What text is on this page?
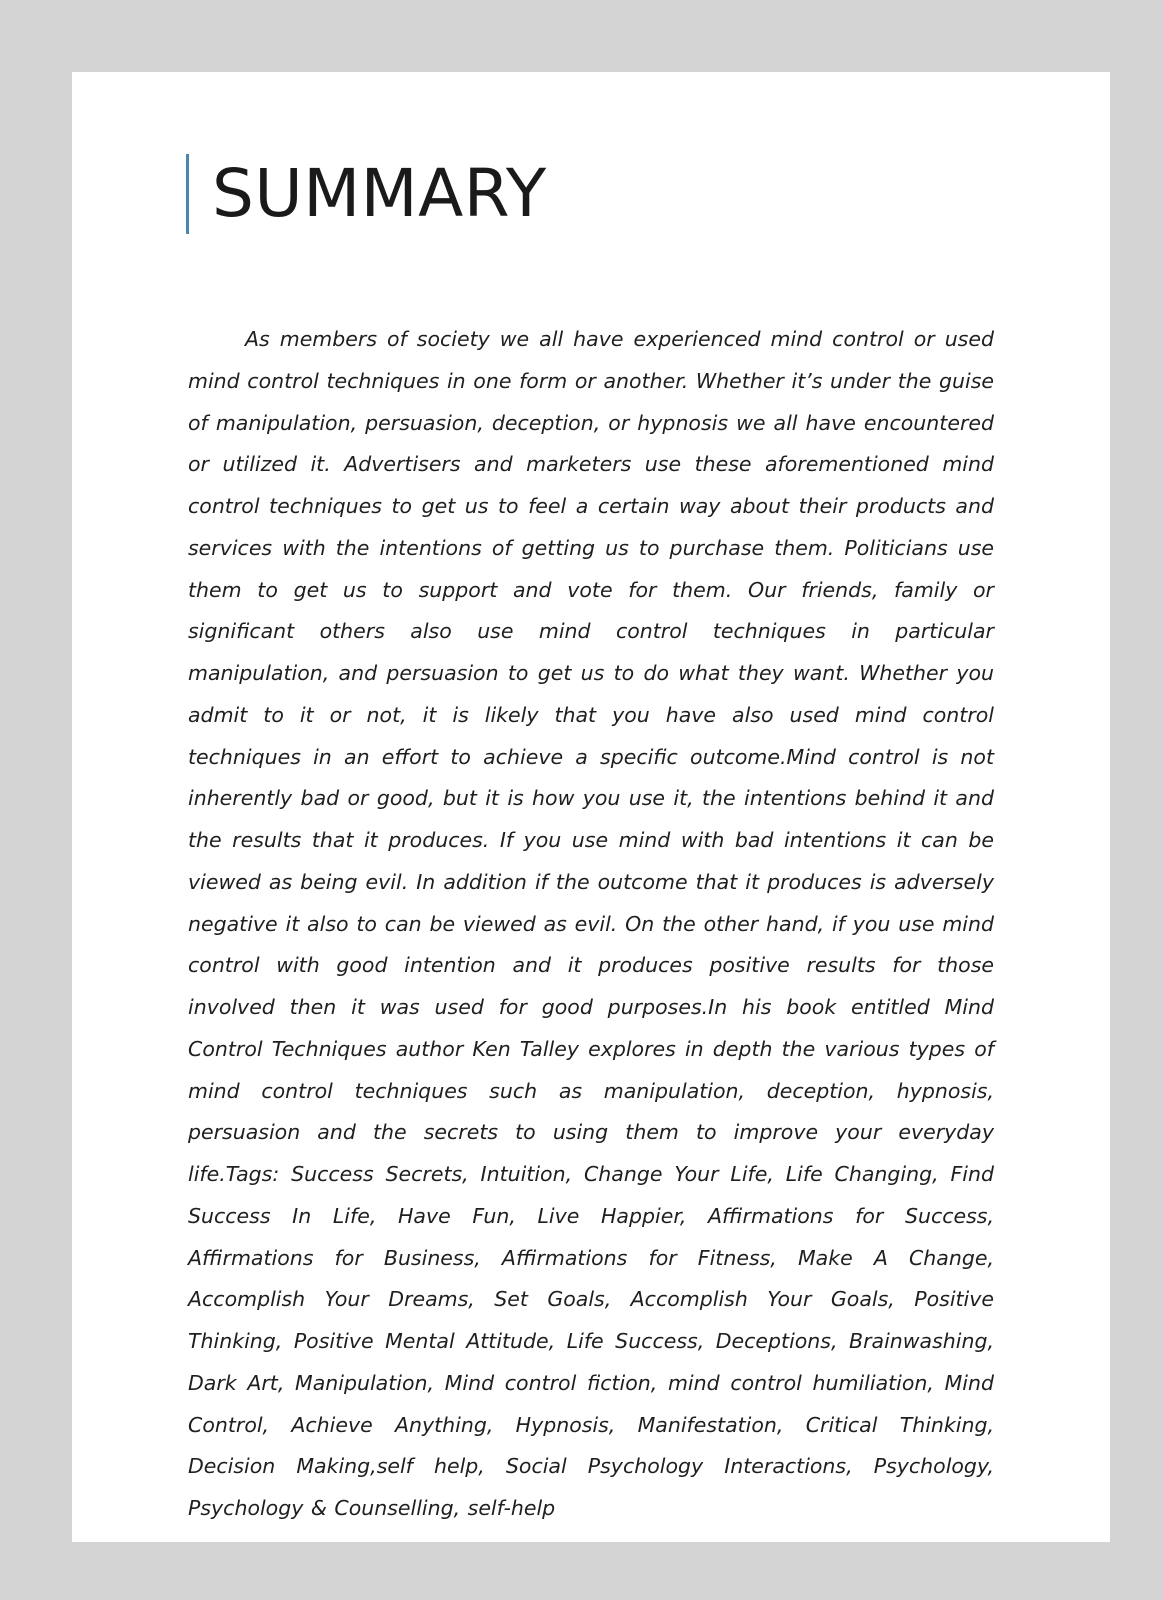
SUMMARY

As members of society we all have experienced mind control or used mind control techniques in one form or another. Whether it’s under the guise of manipulation, persuasion, deception, or hypnosis we all have encountered or utilized it. Advertisers and marketers use these aforementioned mind control techniques to get us to feel a certain way about their products and services with the intentions of getting us to purchase them. Politicians use them to get us to support and vote for them. Our friends, family or significant others also use mind control techniques in particular manipulation, and persuasion to get us to do what they want. Whether you admit to it or not, it is likely that you have also used mind control techniques in an effort to achieve a specific outcome.Mind control is not inherently bad or good, but it is how you use it, the intentions behind it and the results that it produces. If you use mind with bad intentions it can be viewed as being evil. In addition if the outcome that it produces is adversely negative it also to can be viewed as evil. On the other hand, if you use mind control with good intention and it produces positive results for those involved then it was used for good purposes.In his book entitled Mind Control Techniques author Ken Talley explores in depth the various types of mind control techniques such as manipulation, deception, hypnosis, persuasion and the secrets to using them to improve your everyday life.Tags: Success Secrets, Intuition, Change Your Life, Life Changing, Find Success In Life, Have Fun, Live Happier, Affirmations for Success, Affirmations for Business, Affirmations for Fitness, Make A Change, Accomplish Your Dreams, Set Goals, Accomplish Your Goals, Positive Thinking, Positive Mental Attitude, Life Success, Deceptions, Brainwashing, Dark Art, Manipulation, Mind control fiction, mind control humiliation, Mind Control, Achieve Anything, Hypnosis, Manifestation, Critical Thinking, Decision Making,self help, Social Psychology Interactions, Psychology, Psychology & Counselling, self-help
